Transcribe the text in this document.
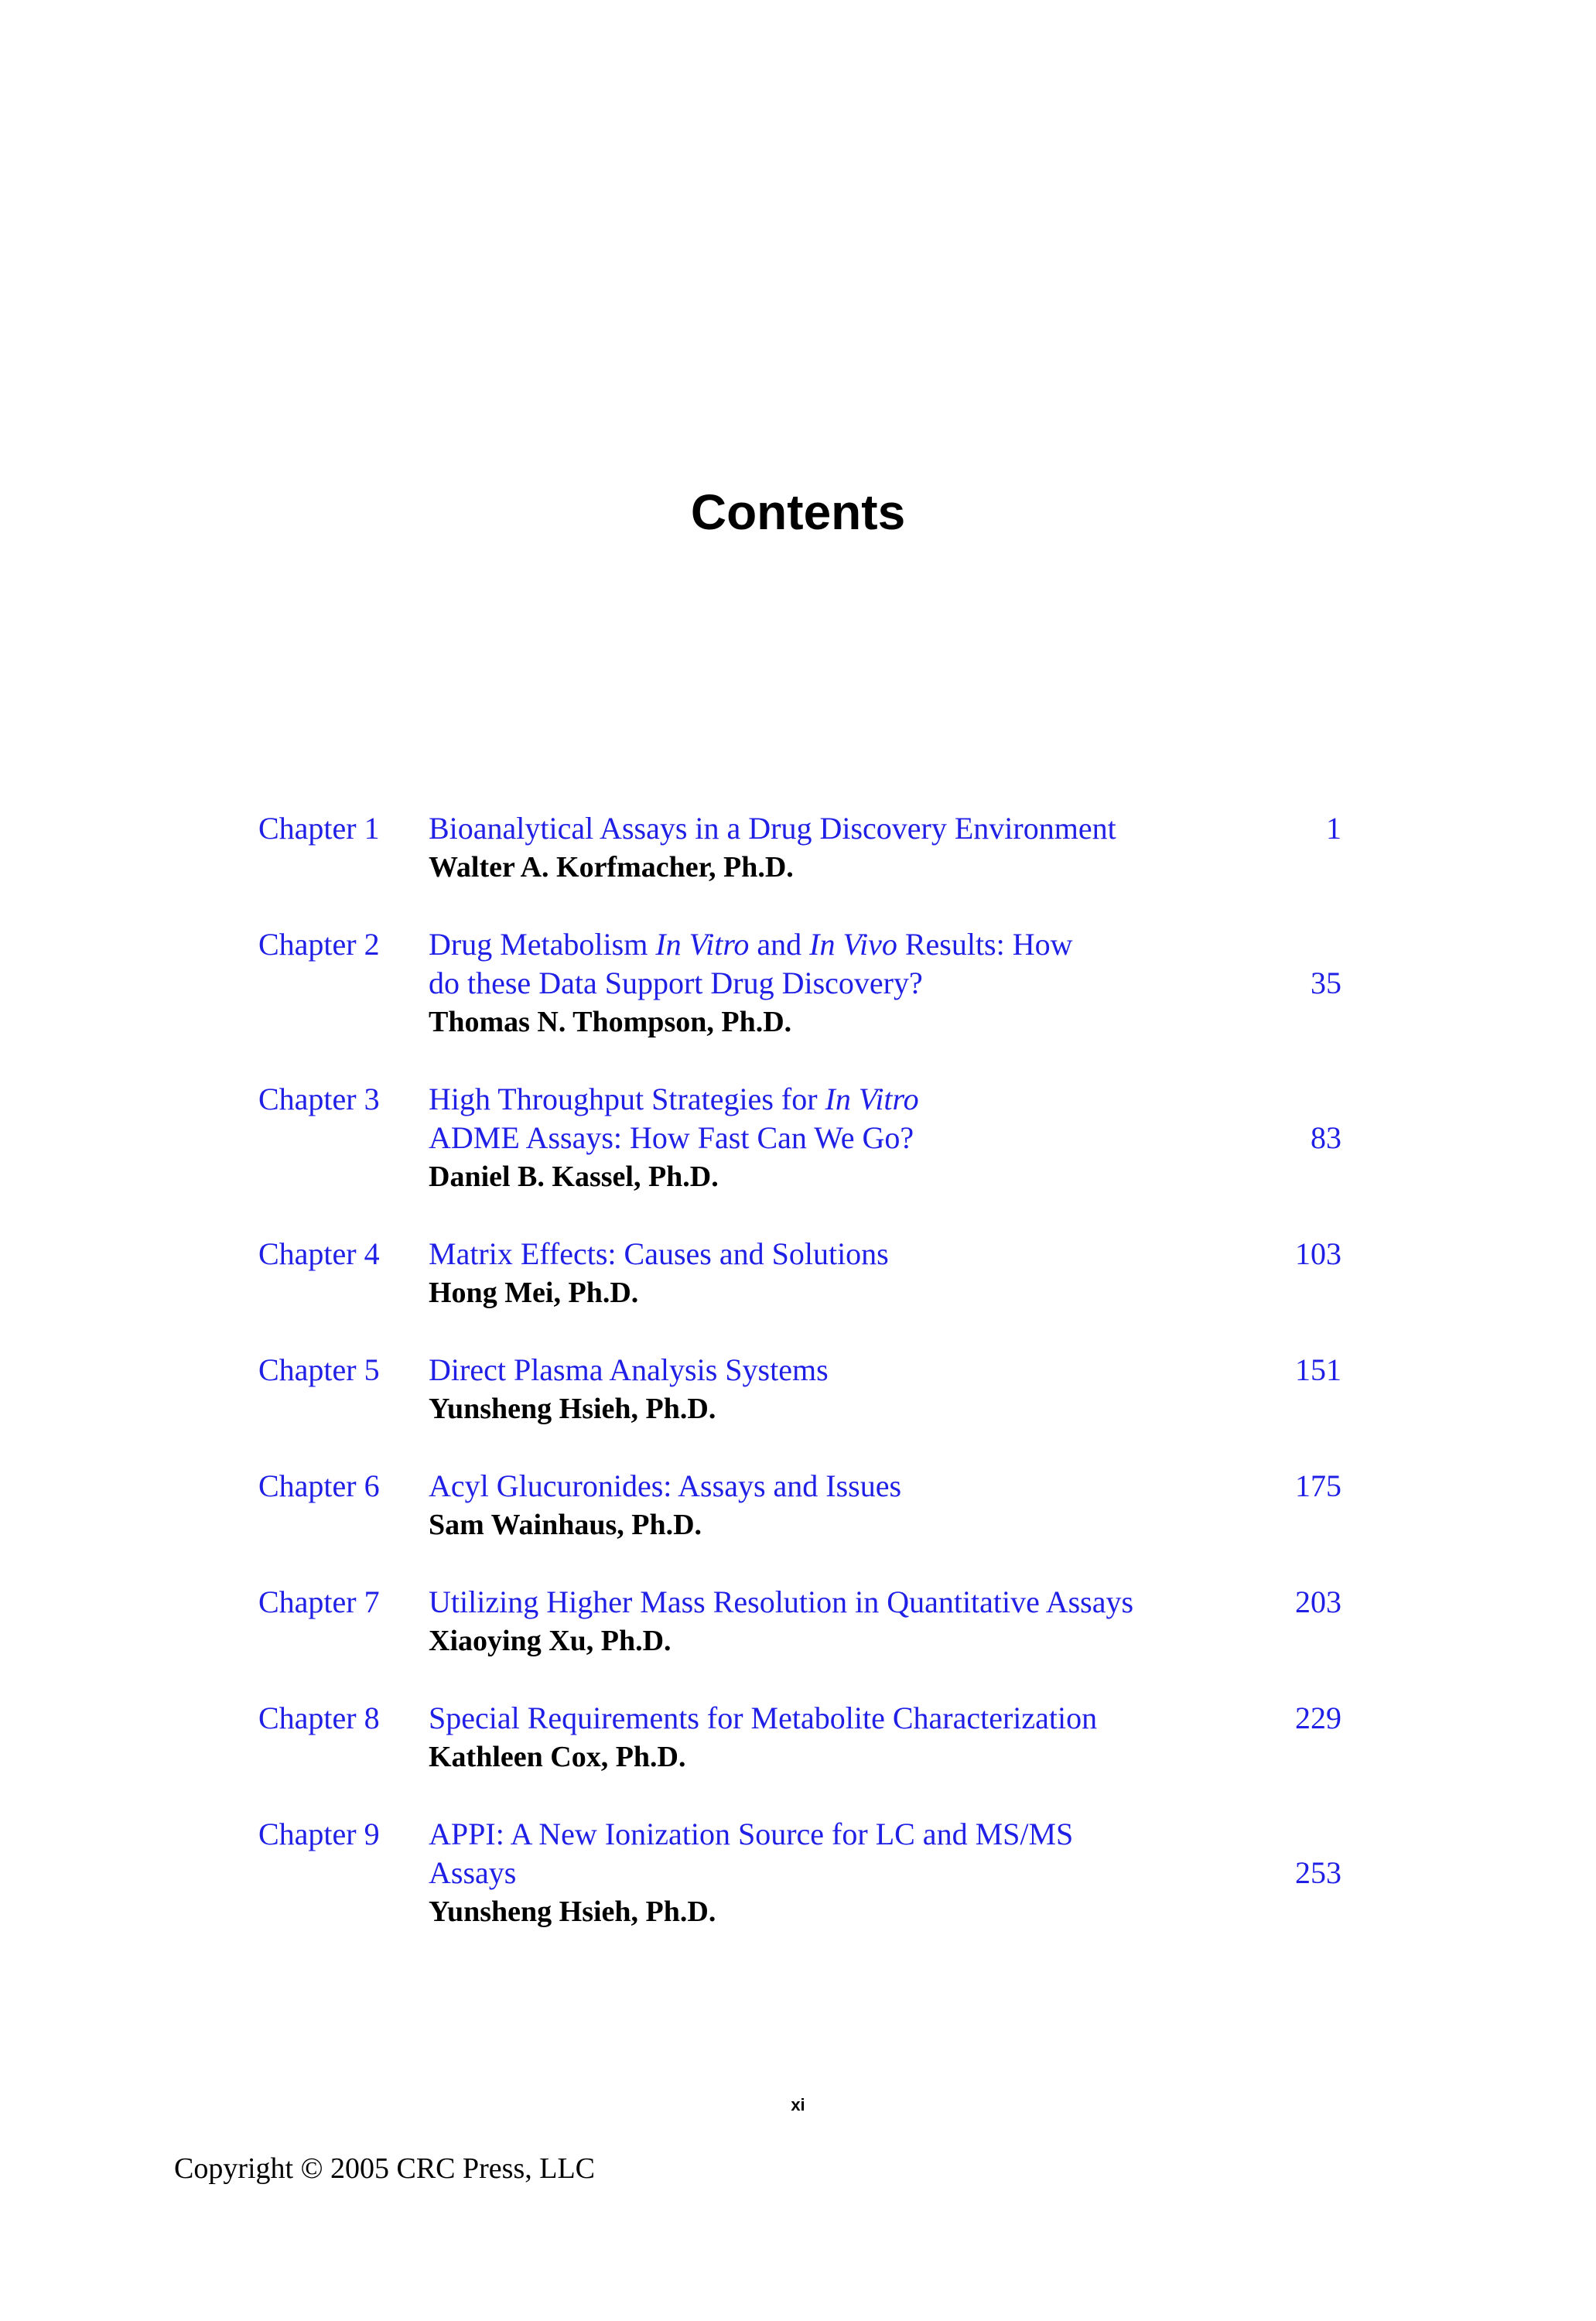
Contents
Chapter 1 Bioanalytical Assays in a Drug Discovery Environment	1
Walter A. Korfmacher, Ph.D.
Chapter 2 Drug Metabolism In Vitro and In Vivo Results: How
do these Data Support Drug Discovery?	35
Thomas N. Thompson, Ph.D.
Chapter 3 High Throughput Strategies for In Vitro
ADME Assays: How Fast Can We Go?	83
Daniel B. Kassel, Ph.D.
Chapter 4 Matrix Effects: Causes and Solutions	103
Hong Mei, Ph.D.
Chapter 5 Direct Plasma Analysis Systems	151
Yunsheng Hsieh, Ph.D.
Chapter 6 Acyl Glucuronides: Assays and Issues	175
Sam Wainhaus, Ph.D.
Chapter 7 Utilizing Higher Mass Resolution in Quantitative Assays	203
Xiaoying Xu, Ph.D.
Chapter 8 Special Requirements for Metabolite Characterization	229
Kathleen Cox, Ph.D.
Chapter 9 APPI: A New Ionization Source for LC and MS/MS
Assays	253
Yunsheng Hsieh, Ph.D.
xi
Copyright © 2005 CRC Press, LLC
